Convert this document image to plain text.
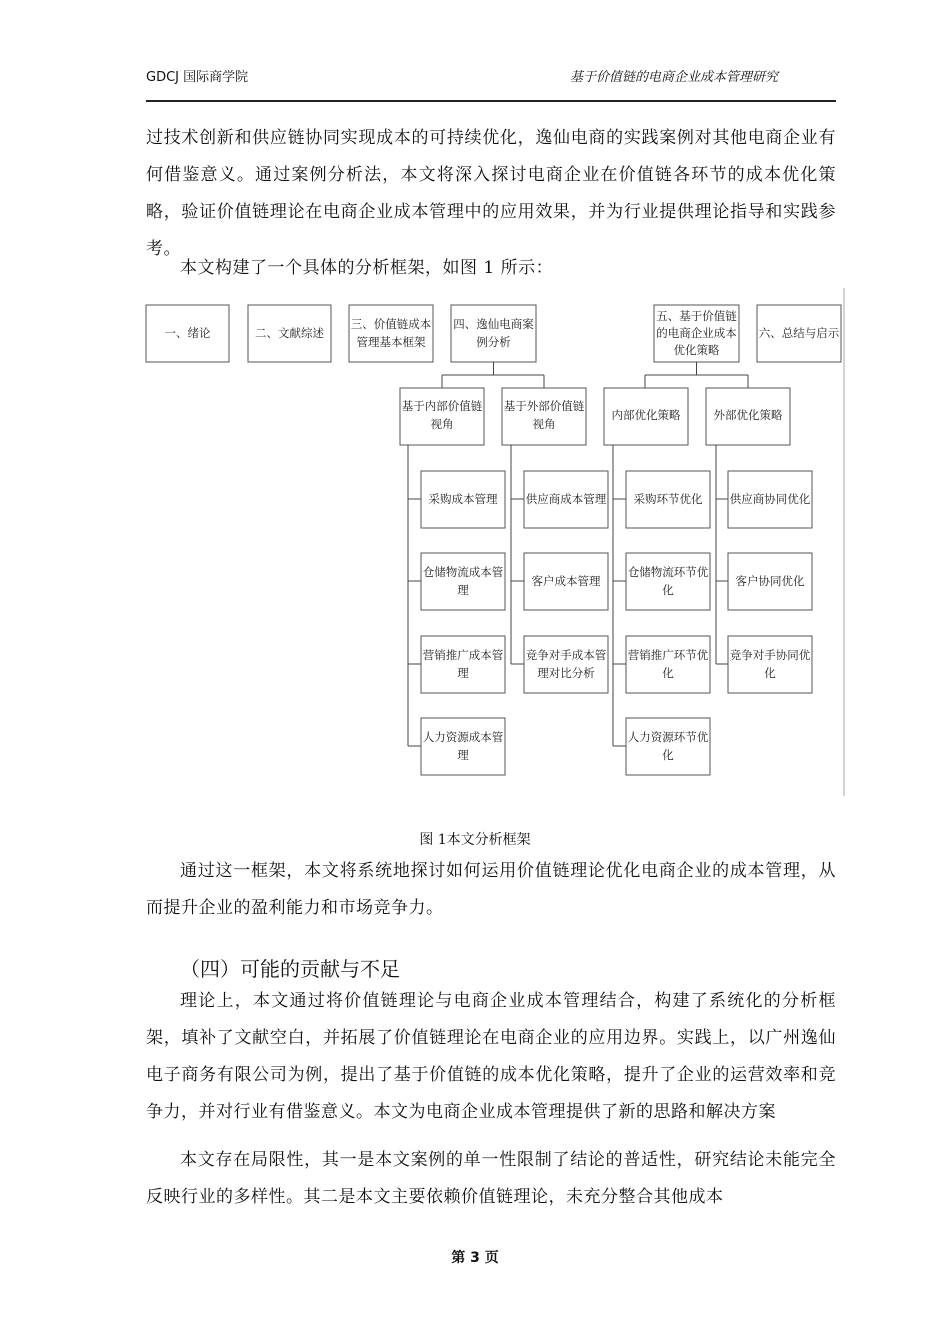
GDCJ 国际商学院	基于价值链的电商企业成本管理研究

过技术创新和供应链协同实现成本的可持续优化，逸仙电商的实践案例对其他电商企业有何借鉴意义。通过案例分析法，本文将深入探讨电商企业在价值链各环节的成本优化策略，验证价值链理论在电商企业成本管理中的应用效果，并为行业提供理论指导和实践参考。

本文构建了一个具体的分析框架，如图 1 所示：

一、绪论	二、文献综述
三、价值链成本
管理基本框架
四、逸仙电商案
例分析
五、基于价值链
的电商企业成本
优化策略
六、总结与启示
基于内部价值链
视角
基于外部价值链
视角
内部优化策略	外部优化策略
采购成本管理
仓储物流成本管
理
营销推广成本管
理
人力资源成本管
理
供应商成本管理
客户成本管理
竞争对手成本管
理对比分析
采购环节优化
仓储物流环节优
化
营销推广环节优
化
人力资源环节优
化
供应商协同优化
客户协同优化
竞争对手协同优
化
图 1本文分析框架

通过这一框架，本文将系统地探讨如何运用价值链理论优化电商企业的成本管理，从而提升企业的盈利能力和市场竞争力。

（四）可能的贡献与不足

理论上，本文通过将价值链理论与电商企业成本管理结合，构建了系统化的分析框架，填补了文献空白，并拓展了价值链理论在电商企业的应用边界。实践上，以广州逸仙电子商务有限公司为例，提出了基于价值链的成本优化策略，提升了企业的运营效率和竞争力，并对行业有借鉴意义。本文为电商企业成本管理提供了新的思路和解决方案

本文存在局限性，其一是本文案例的单一性限制了结论的普适性，研究结论未能完全反映行业的多样性。其二是本文主要依赖价值链理论，未充分整合其他成本

第 3 页
